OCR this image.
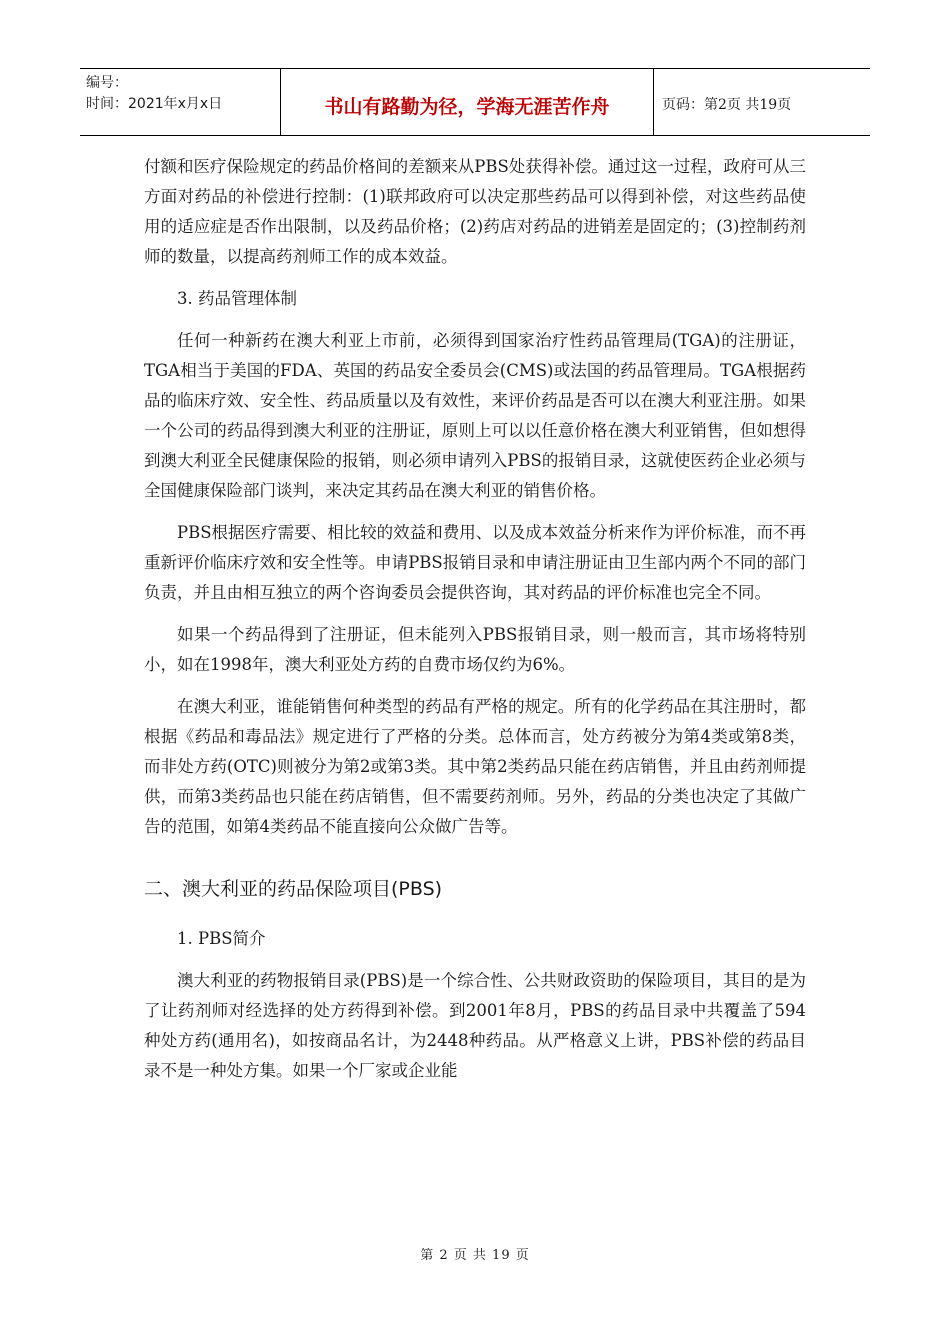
编号：
时间：2021年x月x日	书山有路勤为径，学海无涯苦作舟	页码：第2页 共19页

付额和医疗保险规定的药品价格间的差额来从PBS处获得补偿。通过这一过程，政府可从三方面对药品的补偿进行控制：(1)联邦政府可以决定那些药品可以得到补偿，对这些药品使用的适应症是否作出限制，以及药品价格；(2)药店对药品的进销差是固定的；(3)控制药剂师的数量，以提高药剂师工作的成本效益。

3. 药品管理体制

任何一种新药在澳大利亚上市前，必须得到国家治疗性药品管理局(TGA)的注册证，TGA相当于美国的FDA、英国的药品安全委员会(CMS)或法国的药品管理局。TGA根据药品的临床疗效、安全性、药品质量以及有效性，来评价药品是否可以在澳大利亚注册。如果一个公司的药品得到澳大利亚的注册证，原则上可以以任意价格在澳大利亚销售，但如想得到澳大利亚全民健康保险的报销，则必须申请列入PBS的报销目录，这就使医药企业必须与全国健康保险部门谈判，来决定其药品在澳大利亚的销售价格。

PBS根据医疗需要、相比较的效益和费用、以及成本效益分析来作为评价标准，而不再重新评价临床疗效和安全性等。申请PBS报销目录和申请注册证由卫生部内两个不同的部门负责，并且由相互独立的两个咨询委员会提供咨询，其对药品的评价标准也完全不同。

如果一个药品得到了注册证，但未能列入PBS报销目录，则一般而言，其市场将特别小，如在1998年，澳大利亚处方药的自费市场仅约为6%。

在澳大利亚，谁能销售何种类型的药品有严格的规定。所有的化学药品在其注册时，都根据《药品和毒品法》规定进行了严格的分类。总体而言，处方药被分为第4类或第8类，而非处方药(OTC)则被分为第2或第3类。其中第2类药品只能在药店销售，并且由药剂师提供，而第3类药品也只能在药店销售，但不需要药剂师。另外，药品的分类也决定了其做广告的范围，如第4类药品不能直接向公众做广告等。

二、澳大利亚的药品保险项目(PBS)

1. PBS简介

澳大利亚的药物报销目录(PBS)是一个综合性、公共财政资助的保险项目，其目的是为了让药剂师对经选择的处方药得到补偿。到2001年8月，PBS的药品目录中共覆盖了594种处方药(通用名)，如按商品名计，为2448种药品。从严格意义上讲，PBS补偿的药品目录不是一种处方集。如果一个厂家或企业能

第 2 页 共 19 页
